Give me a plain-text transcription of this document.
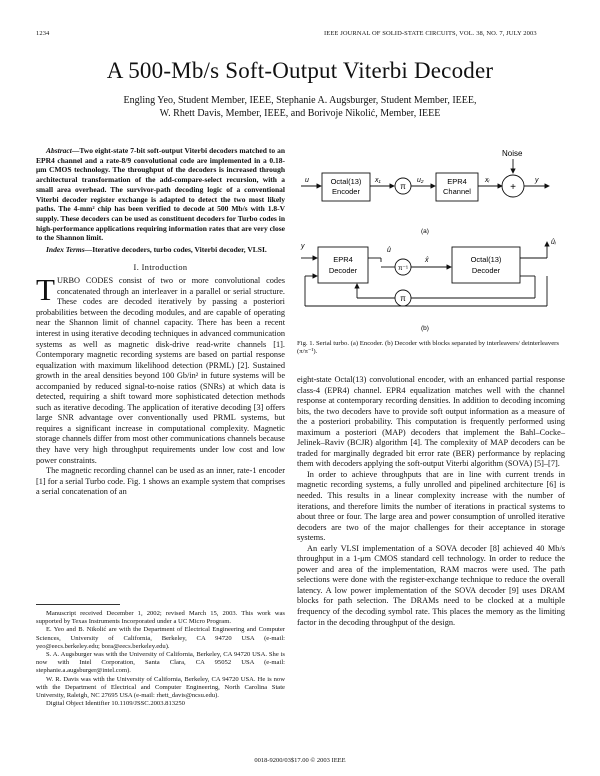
1234	IEEE JOURNAL OF SOLID-STATE CIRCUITS, VOL. 38, NO. 7, JULY 2003
A 500-Mb/s Soft-Output Viterbi Decoder
Engling Yeo, Student Member, IEEE, Stephanie A. Augsburger, Student Member, IEEE,
W. Rhett Davis, Member, IEEE, and Borivoje Nikolić, Member, IEEE

Abstract—Two eight-state 7-bit soft-output Viterbi decoders matched to an EPR4 channel and a rate-8/9 convolutional code are implemented in a 0.18-μm CMOS technology. The throughput of the decoders is increased through architectural transformation of the add-compare-select recursion, with a small area overhead. The survivor-path decoding logic of a conventional Viterbi decoder register exchange is adapted to detect the two most likely paths. The 4-mm² chip has been verified to decode at 500 Mb/s with 1.8-V supply. These decoders can be used as constituent decoders for Turbo codes in high-performance applications requiring information rates that are very close to the Shannon limit.

Index Terms—Iterative decoders, turbo codes, Viterbi decoder, VLSI.

I. Introduction

TURBO CODES consist of two or more convolutional codes concatenated through an interleaver in a parallel or serial structure. These codes are decoded iteratively by passing a posteriori probabilities between the decoding modules, and are capable of operating near the Shannon limit of channel capacity. There has been a recent interest in using iterative decoding techniques in advanced communication systems as well as magnetic disk-drive read-write channels [1]. Contemporary magnetic recording systems are based on partial response equalization with maximum likelihood detection (PRML) [2]. Sustained growth in the areal densities beyond 100 Gb/in² in future systems will be accompanied by reduced signal-to-noise ratios (SNRs) at which data is detected, requiring a shift toward more sophisticated detection methods such as iterative decoding. The application of iterative decoding [3] offers large SNR advantage over conventionally used PRML systems, but requires a significant increase in computational complexity. Magnetic storage channels differ from most other communications channels because they have very high throughput requirements under low cost and low power constraints.

The magnetic recording channel can be used as an inner, rate-1 encoder [1] for a serial Turbo code. Fig. 1 shows an example system that comprises a serial concatenation of an

Manuscript received December 1, 2002; revised March 15, 2003. This work was supported by Texas Instruments Incorporated under a UC Micro Program.

E. Yeo and B. Nikolić are with the Department of Electrical Engineering and Computer Sciences, University of California, Berkeley, CA 94720 USA (e-mail: yeo@eecs.berkeley.edu; bora@eecs.berkeley.edu).

S. A. Augsburger was with the University of California, Berkeley, CA 94720 USA. She is now with Intel Corporation, Santa Clara, CA 95052 USA (e-mail: stephanie.a.augsburger@intel.com).

W. R. Davis was with the University of California, Berkeley, CA 94720 USA. He is now with the Department of Electrical and Computer Engineering, North Carolina State University, Raleigh, NC 27695 USA (e-mail: rhett_davis@ncsu.edu).

Digital Object Identifier 10.1109/JSSC.2003.813250

Noise
u	Octal(13)
Encoder
x₁
π
u₂	EPR4
Channel
xᵢ
+
y
(a)
y
EPR4
Decoder
Octal(13)
Decoder
û
π⁻¹
x̂
ûᵢ
π
(b)
Fig. 1. Serial turbo. (a) Encoder. (b) Decoder with blocks separated by interleavers/ deinterleavers (π/π⁻¹).

eight-state Octal(13) convolutional encoder, with an enhanced partial response class-4 (EPR4) channel. EPR4 equalization matches well with the channel response at contemporary recording densities. In addition to decoding incoming bits, the two decoders have to provide soft output information as a measure of the a posteriori probability. This computation is frequently performed using maximum a posteriori (MAP) decoders that implement the Bahl–Cocke–Jelinek–Raviv (BCJR) algorithm [4]. The complexity of MAP decoders can be traded for marginally degraded bit error rate (BER) performance by replacing them with decoders applying the soft-output Viterbi algorithm (SOVA) [5]–[7].

In order to achieve throughputs that are in line with current trends in magnetic recording systems, a fully unrolled and pipelined architecture [6] is needed. This results in a linear complexity increase with the number of iterations, and therefore limits the number of iterations in practical systems to about three or four. The large area and power consumption of unrolled iterative decoders are two of the major challenges for their acceptance in storage systems.

An early VLSI implementation of a SOVA decoder [8] achieved 40 Mb/s throughput in a 1-μm CMOS standard cell technology. In order to reduce the power and area of the implementation, RAM macros were used. The path selections were done with the register-exchange technique to reduce the overall latency. A low power implementation of the SOVA decoder [9] uses DRAM blocks for path selection. The DRAMs need to be clocked at a multiple frequency of the decoding symbol rate. This places the memory as the limiting factor in the decoding throughput of the design.

0018-9200/03$17.00 © 2003 IEEE
